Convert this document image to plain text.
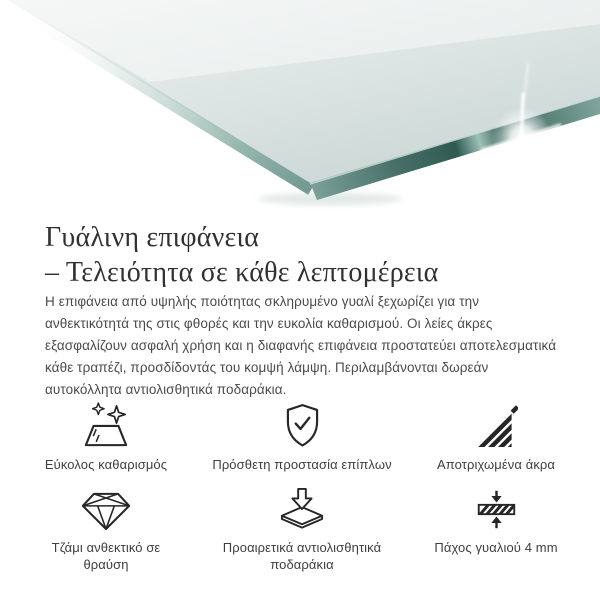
Γυάλινη επιφάνεια
– Τελειότητα σε κάθε λεπτομέρεια

Η επιφάνεια από υψηλής ποιότητας σκληρυμένο γυαλί ξεχωρίζει για την ανθεκτικότητά της στις φθορές και την ευκολία καθαρισμού. Οι λείες άκρες εξασφαλίζουν ασφαλή χρήση και η διαφανής επιφάνεια προστατεύει αποτελεσματικά κάθε τραπέζι, προσδίδοντάς του κομψή λάμψη. Περιλαμβάνονται δωρεάν αυτοκόλλητα αντιολισθητικά ποδαράκια.

Εύκολος καθαρισμός	Πρόσθετη προστασία επίπλων	Αποτριχωμένα άκρα
Τζάμι ανθεκτικό σε θραύση
Προαιρετικά αντιολισθητικά ποδαράκια
Πάχος γυαλιού 4 mm
